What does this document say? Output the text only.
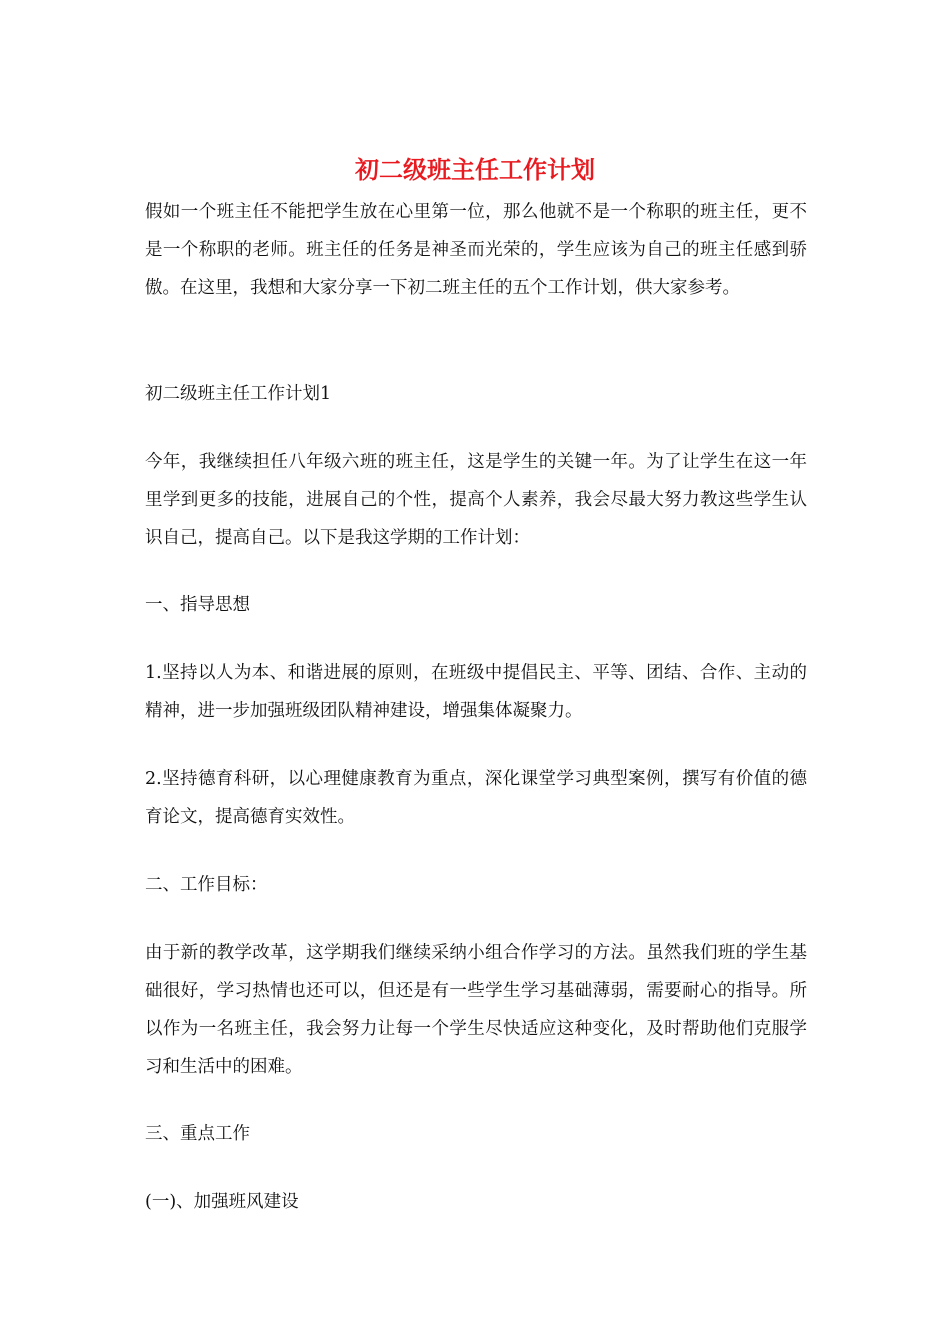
初二级班主任工作计划

假如一个班主任不能把学生放在心里第一位，那么他就不是一个称职的班主任，更不是一个称职的老师。班主任的任务是神圣而光荣的，学生应该为自己的班主任感到骄傲。在这里，我想和大家分享一下初二班主任的五个工作计划，供大家参考。

初二级班主任工作计划1

今年，我继续担任八年级六班的班主任，这是学生的关键一年。为了让学生在这一年里学到更多的技能，进展自己的个性，提高个人素养，我会尽最大努力教这些学生认识自己，提高自己。以下是我这学期的工作计划：

一、指导思想

1.坚持以人为本、和谐进展的原则，在班级中提倡民主、平等、团结、合作、主动的精神，进一步加强班级团队精神建设，增强集体凝聚力。

2.坚持德育科研，以心理健康教育为重点，深化课堂学习典型案例，撰写有价值的德育论文，提高德育实效性。

二、工作目标：

由于新的教学改革，这学期我们继续采纳小组合作学习的方法。虽然我们班的学生基础很好，学习热情也还可以，但还是有一些学生学习基础薄弱，需要耐心的指导。所以作为一名班主任，我会努力让每一个学生尽快适应这种变化，及时帮助他们克服学习和生活中的困难。

三、重点工作

(一)、加强班风建设
